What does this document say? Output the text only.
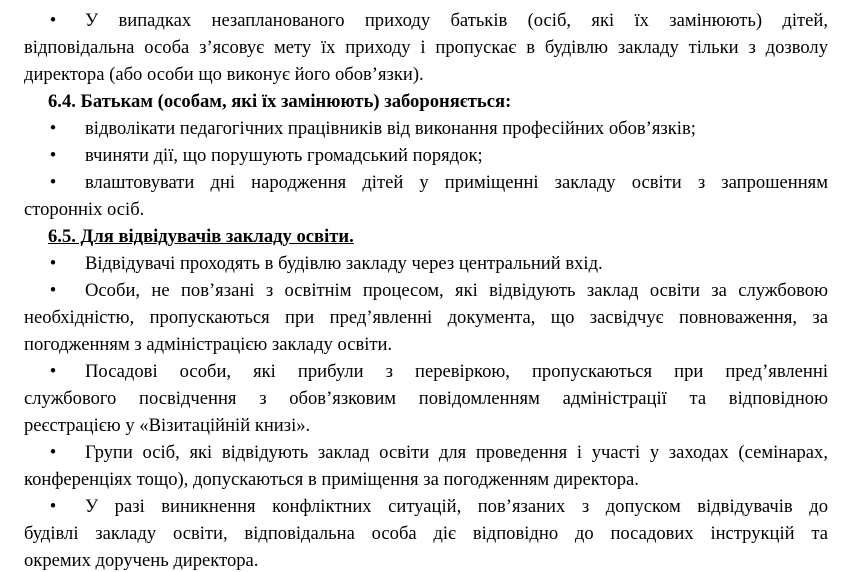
• У випадках незапланованого приходу батьків (осіб, які їх замінюють) дітей,
відповідальна особа з’ясовує мету їх приходу і пропускає в будівлю закладу тільки з дозволу
директора (або особи що виконує його обов’язки).
6.4. Батькам (особам, які їх замінюють) забороняється:
• відволікати педагогічних працівників від виконання професійних обов’язків;
• вчиняти дії, що порушують громадський порядок;
• влаштовувати дні народження дітей у приміщенні закладу освіти з запрошенням
сторонніх осіб.
6.5. Для відвідувачів закладу освіти.
• Відвідувачі проходять в будівлю закладу через центральний вхід.
• Особи, не пов’язані з освітнім процесом, які відвідують заклад освіти за службовою
необхідністю, пропускаються при пред’явленні документа, що засвідчує повноваження, за
погодженням з адміністрацією закладу освіти.
• Посадові особи, які прибули з перевіркою, пропускаються при пред’явленні
службового посвідчення з обов’язковим повідомленням адміністрації та відповідною
реєстрацією у «Візитаційній книзі».
• Групи осіб, які відвідують заклад освіти для проведення і участі у заходах (семінарах,
конференціях тощо), допускаються в приміщення за погодженням директора.
• У разі виникнення конфліктних ситуацій, пов’язаних з допуском відвідувачів до
будівлі закладу освіти, відповідальна особа діє відповідно до посадових інструкцій та
окремих доручень директора.
